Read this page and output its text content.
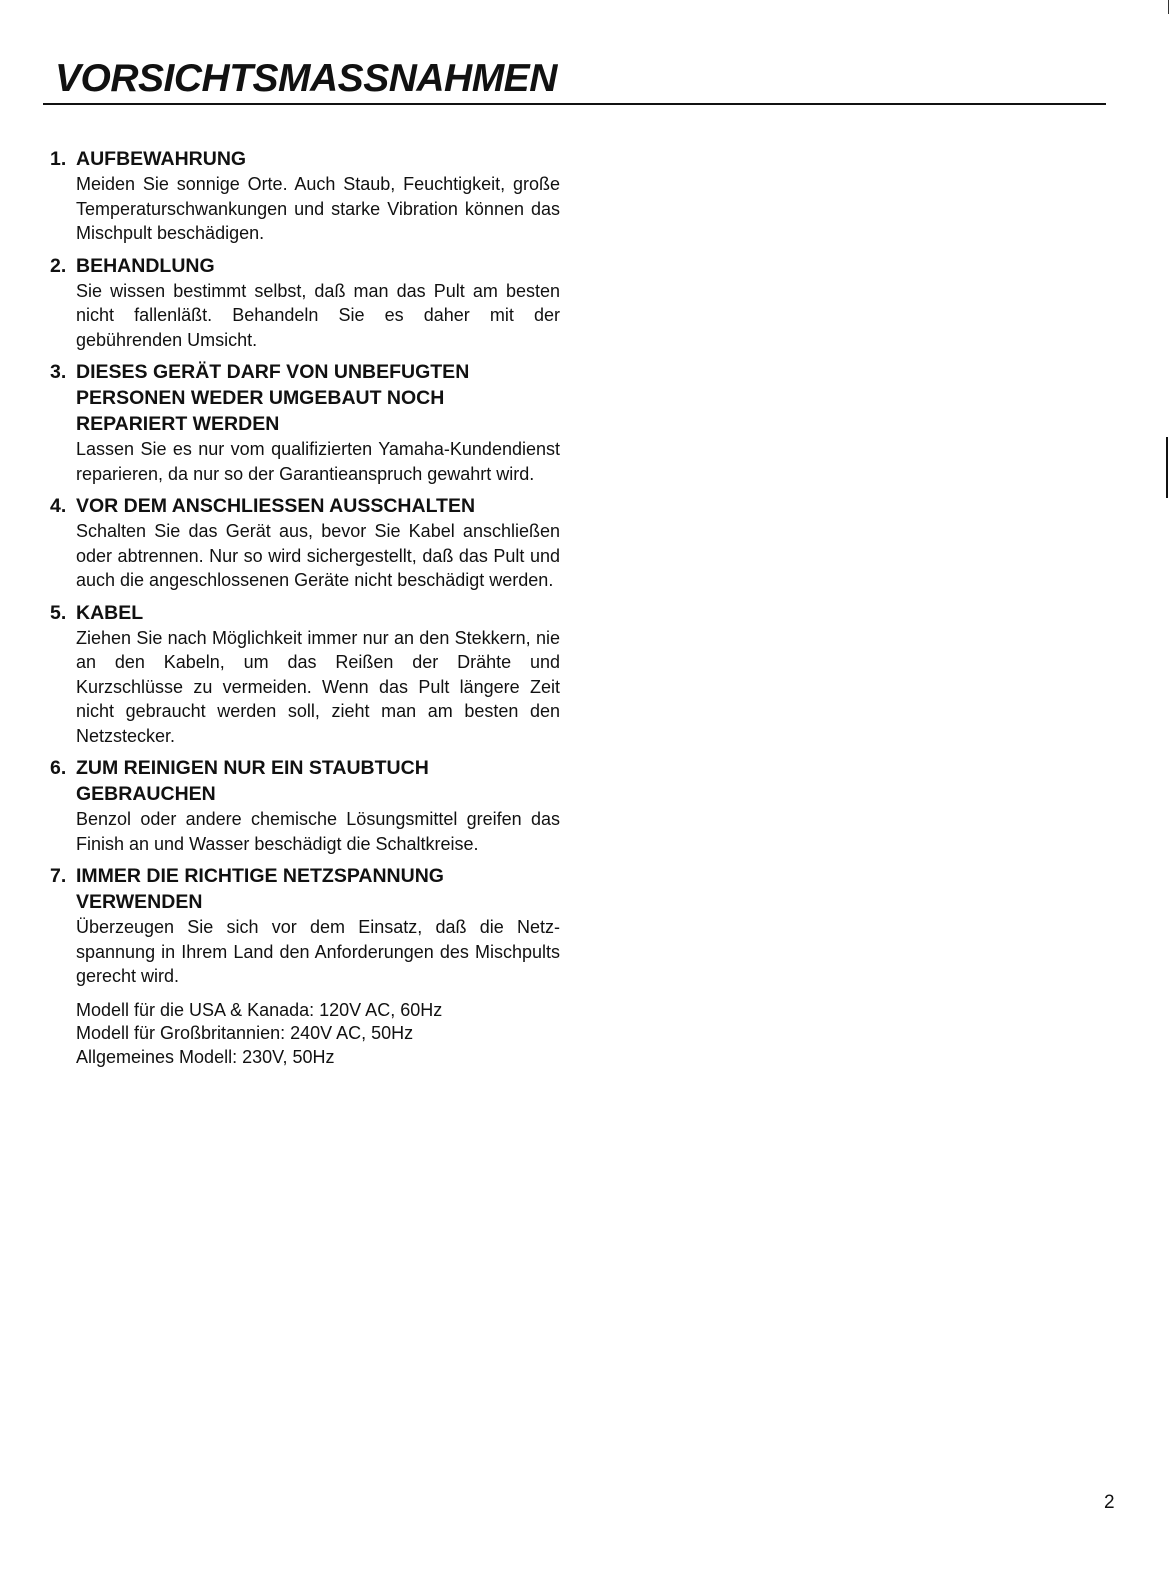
VORSICHTSMASSNAHMEN
1. AUFBEWAHRUNG

Meiden Sie sonnige Orte. Auch Staub, Feuchtigkeit, große Temperaturschwankungen und starke Vibration können das Mischpult beschädigen.

2. BEHANDLUNG

Sie wissen bestimmt selbst, daß man das Pult am besten nicht fallenläßt. Behandeln Sie es daher mit der gebührenden Umsicht.

3. DIESES GERÄT DARF VON UNBEFUGTEN PERSONEN WEDER UMGEBAUT NOCH REPARIERT WERDEN

Lassen Sie es nur vom qualifizierten Yamaha-Kundendienst reparieren, da nur so der Garantieanspruch gewahrt wird.

4. VOR DEM ANSCHLIESSEN AUSSCHALTEN

Schalten Sie das Gerät aus, bevor Sie Kabel anschließen oder abtrennen. Nur so wird sichergestellt, daß das Pult und auch die angeschlossenen Geräte nicht beschädigt werden.

5. KABEL

Ziehen Sie nach Möglichkeit immer nur an den Stekkern, nie an den Kabeln, um das Reißen der Drähte und Kurzschlüsse zu vermeiden. Wenn das Pult längere Zeit nicht gebraucht werden soll, zieht man am besten den Netzstecker.

6. ZUM REINIGEN NUR EIN STAUBTUCH GEBRAUCHEN

Benzol oder andere chemische Lösungsmittel greifen das Finish an und Wasser beschädigt die Schaltkreise.

7. IMMER DIE RICHTIGE NETZSPANNUNG VERWENDEN

Überzeugen Sie sich vor dem Einsatz, daß die Netzspannung in Ihrem Land den Anforderungen des Mischpults gerecht wird.

Modell für die USA & Kanada: 120V AC, 60Hz
Modell für Großbritannien: 240V AC, 50Hz
Allgemeines Modell: 230V, 50Hz
2
